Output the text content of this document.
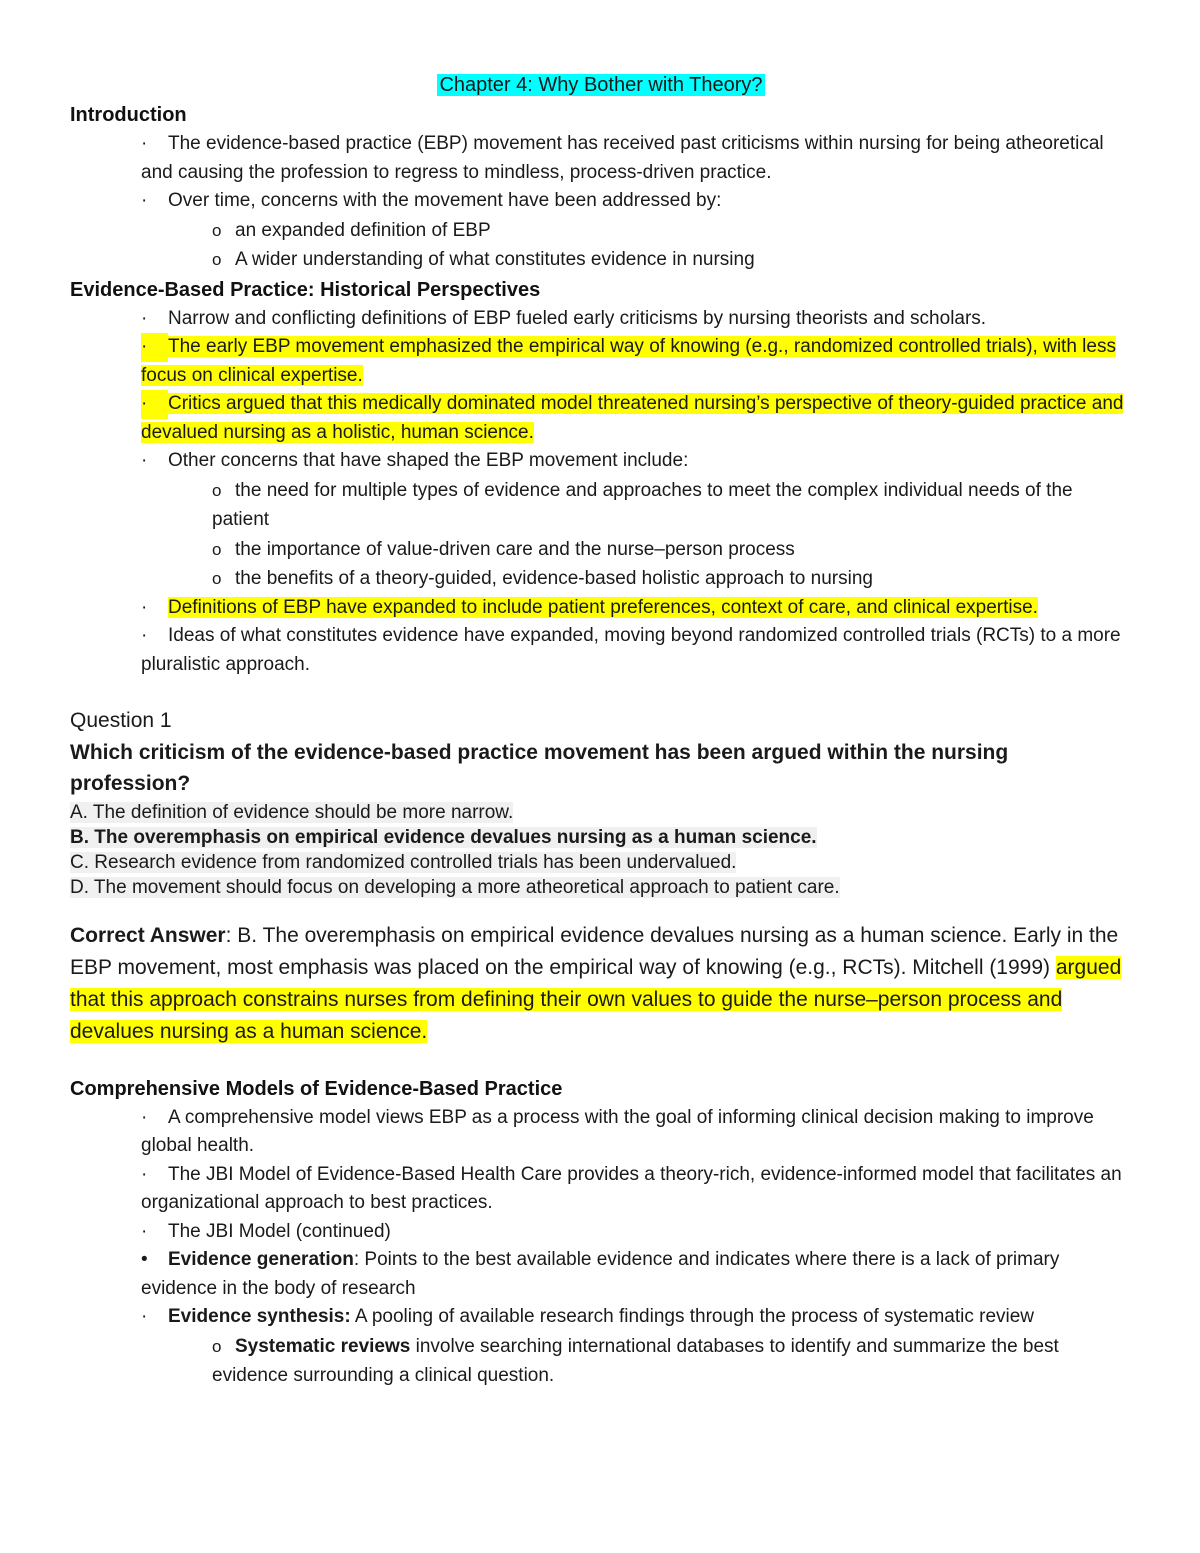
Chapter 4: Why Bother with Theory?

Introduction

· The evidence-based practice (EBP) movement has received past criticisms within nursing for being atheoretical and causing the profession to regress to mindless, process-driven practice.

· Over time, concerns with the movement have been addressed by:

o an expanded definition of EBP

o A wider understanding of what constitutes evidence in nursing

Evidence-Based Practice: Historical Perspectives

· Narrow and conflicting definitions of EBP fueled early criticisms by nursing theorists and scholars.

· The early EBP movement emphasized the empirical way of knowing (e.g., randomized controlled trials), with less focus on clinical expertise.

· Critics argued that this medically dominated model threatened nursing’s perspective of theory-guided practice and devalued nursing as a holistic, human science.

· Other concerns that have shaped the EBP movement include:

o the need for multiple types of evidence and approaches to meet the complex individual needs of the patient

o the importance of value-driven care and the nurse–person process

o the benefits of a theory-guided, evidence-based holistic approach to nursing

· Definitions of EBP have expanded to include patient preferences, context of care, and clinical expertise.

· Ideas of what constitutes evidence have expanded, moving beyond randomized controlled trials (RCTs) to a more pluralistic approach.

Question 1

Which criticism of the evidence-based practice movement has been argued within the nursing profession?

A. The definition of evidence should be more narrow.

B. The overemphasis on empirical evidence devalues nursing as a human science.

C. Research evidence from randomized controlled trials has been undervalued.

D. The movement should focus on developing a more atheoretical approach to patient care.

Correct Answer: B. The overemphasis on empirical evidence devalues nursing as a human science. Early in the EBP movement, most emphasis was placed on the empirical way of knowing (e.g., RCTs). Mitchell (1999) argued that this approach constrains nurses from defining their own values to guide the nurse–person process and devalues nursing as a human science.

Comprehensive Models of Evidence-Based Practice

· A comprehensive model views EBP as a process with the goal of informing clinical decision making to improve global health.

· The JBI Model of Evidence-Based Health Care provides a theory-rich, evidence-informed model that facilitates an organizational approach to best practices.

· The JBI Model (continued)

• Evidence generation: Points to the best available evidence and indicates where there is a lack of primary evidence in the body of research

· Evidence synthesis: A pooling of available research findings through the process of systematic review

o Systematic reviews involve searching international databases to identify and summarize the best evidence surrounding a clinical question.
